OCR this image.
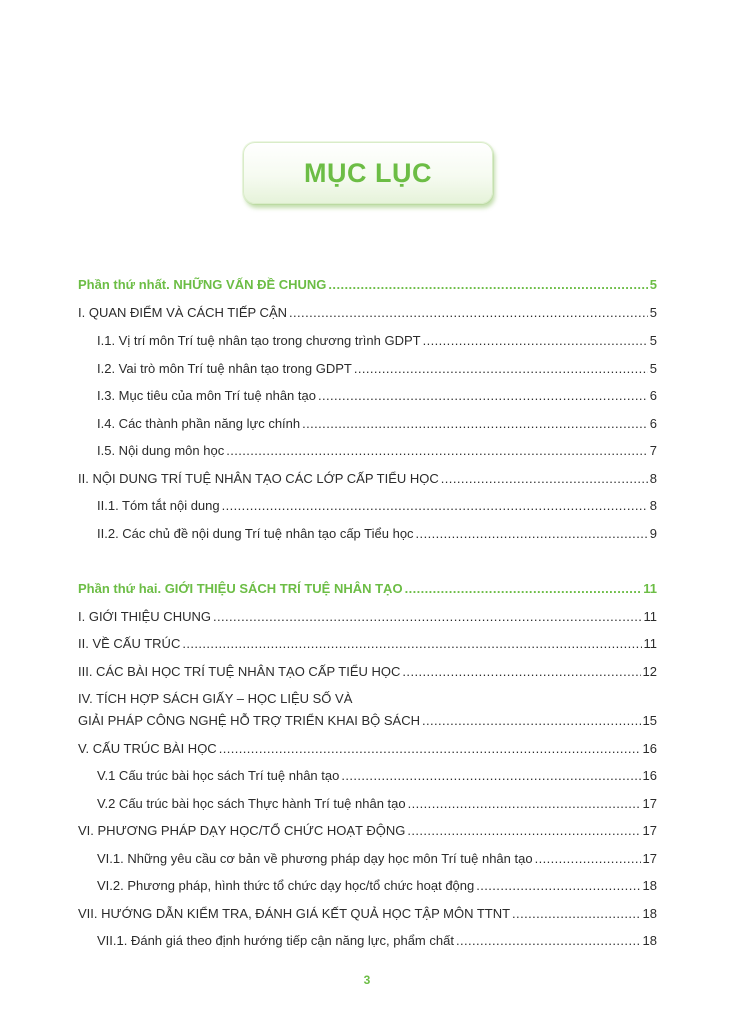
MỤC LỤC
Phần thứ nhất. NHỮNG VẤN ĐỀ CHUNG .....	5
I. QUAN ĐIỂM VÀ CÁCH TIẾP CẬN .....	5
I.1. Vị trí môn Trí tuệ nhân tạo trong chương trình GDPT .....	5
I.2. Vai trò môn Trí tuệ nhân tạo trong GDPT .....	5
I.3. Mục tiêu của môn Trí tuệ nhân tạo .....	6
I.4. Các thành phần năng lực chính .....	6
I.5. Nội dung môn học .....	7
II. NỘI DUNG TRÍ TUỆ NHÂN TẠO CÁC LỚP CẤP TIỂU HỌC .....	8
II.1. Tóm tắt nội dung .....	8
II.2. Các chủ đề nội dung Trí tuệ nhân tạo cấp Tiểu học .....	9
Phần thứ hai. GIỚI THIỆU SÁCH TRÍ TUỆ NHÂN TẠO .....	11
I. GIỚI THIỆU CHUNG .....	11
II. VỀ CẤU TRÚC .....	11
III. CÁC BÀI HỌC TRÍ TUỆ NHÂN TẠO CẤP TIỂU HỌC .....	12
IV. TÍCH HỢP SÁCH GIẤY – HỌC LIỆU SỐ VÀ
GIẢI PHÁP CÔNG NGHỆ HỖ TRỢ TRIỂN KHAI BỘ SÁCH .....	15
V. CẤU TRÚC BÀI HỌC .....	16
V.1 Cấu trúc bài học sách Trí tuệ nhân tạo .....	16
V.2 Cấu trúc bài học sách Thực hành Trí tuệ nhân tạo .....	17
VI. PHƯƠNG PHÁP DẠY HỌC/TỔ CHỨC HOẠT ĐỘNG .....	17
VI.1. Những yêu cầu cơ bản về phương pháp dạy học môn Trí tuệ nhân tạo .....	17
VI.2. Phương pháp, hình thức tổ chức dạy học/tổ chức hoạt động .....	18
VII. HƯỚNG DẪN KIỂM TRA, ĐÁNH GIÁ KẾT QUẢ HỌC TẬP MÔN TTNT .....	18
VII.1. Đánh giá theo định hướng tiếp cận năng lực, phẩm chất .....	18
3
